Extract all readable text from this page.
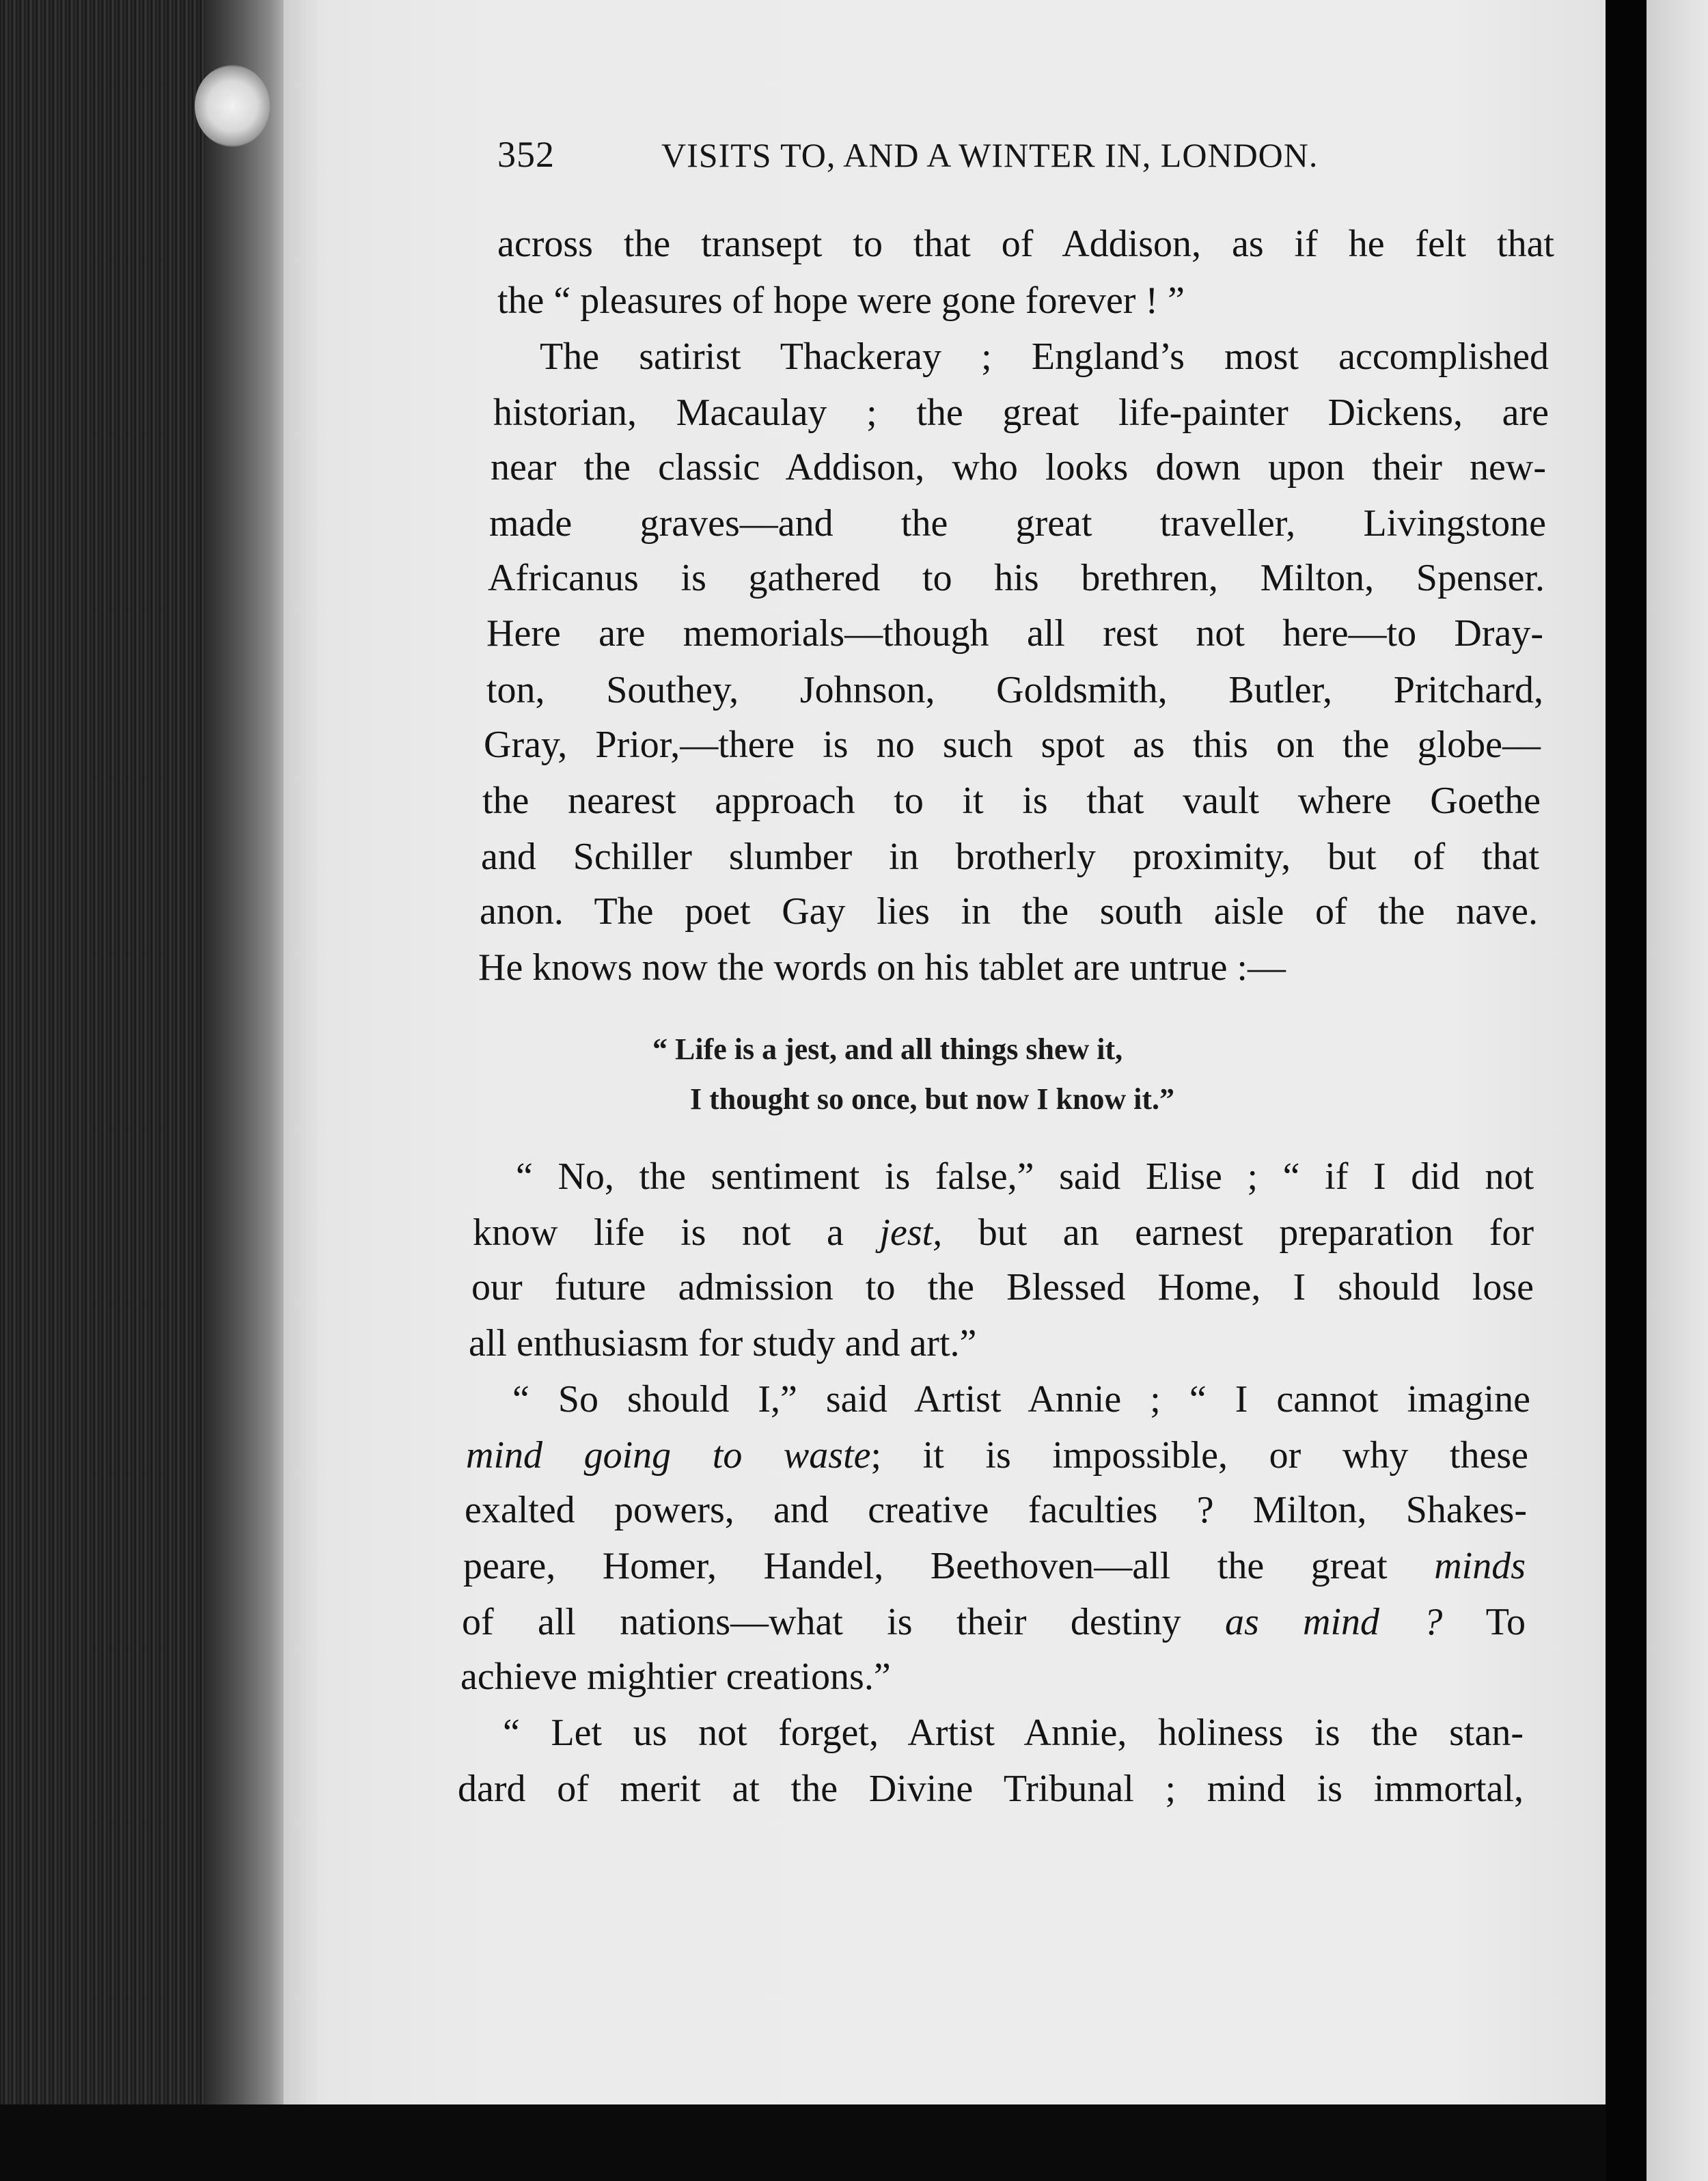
352	VISITS TO, AND A WINTER IN, LONDON.
across the transept to that of Addison, as if he felt that
the “ pleasures of hope were gone forever ! ”
The satirist Thackeray ; England’s most accomplished
historian, Macaulay ; the great life-painter Dickens, are
near the classic Addison, who looks down upon their new-
made graves—and the great traveller, Livingstone
Africanus is gathered to his brethren, Milton, Spenser.
Here are memorials—though all rest not here—to Dray-
ton, Southey, Johnson, Goldsmith, Butler, Pritchard,
Gray, Prior,—there is no such spot as this on the globe—
the nearest approach to it is that vault where Goethe
and Schiller slumber in brotherly proximity, but of that
anon. The poet Gay lies in the south aisle of the nave.
He knows now the words on his tablet are untrue :—
“ Life is a jest, and all things shew it,
I thought so once, but now I know it.”
“ No, the sentiment is false,” said Elise ; “ if I did not
know life is not a jest, but an earnest preparation for
our future admission to the Blessed Home, I should lose
all enthusiasm for study and art.”
“ So should I,” said Artist Annie ; “ I cannot imagine
mind going to waste; it is impossible, or why these
exalted powers, and creative faculties ? Milton, Shakes-
peare, Homer, Handel, Beethoven—all the great minds
of all nations—what is their destiny as mind ? To
achieve mightier creations.”
“ Let us not forget, Artist Annie, holiness is the stan-
dard of merit at the Divine Tribunal ; mind is immortal,
